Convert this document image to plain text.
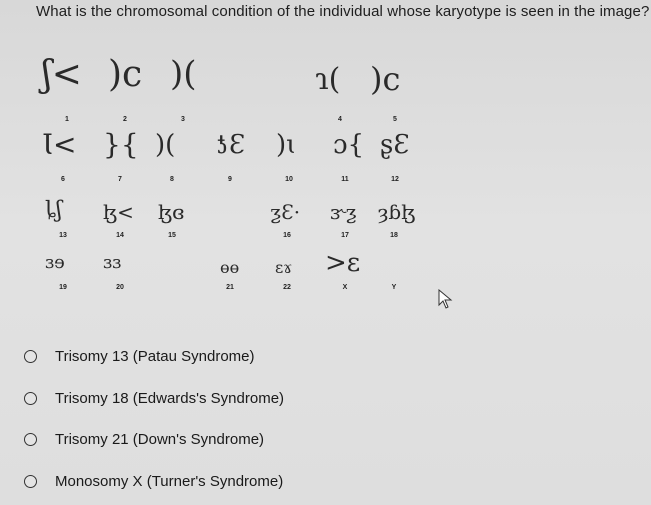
What is the chromosomal condition of the individual whose karyotype is seen in the image?
ʃ< )c )(	ɿ( )c
Ɩ< }{ )( ƾƐ )ɩ ɔ{ ʂƐ
ȴʃ ɮ< ɮɞ	ƺƐ· ɝƺ ȝɓɮ
ɜɘ ɜɜ	ɵɵ ɛɤ >ɛ
1	2	3	4	5
6	7	8	9	10	11	12
13	14	15	16	17	18
19	20	21	22	X	Y
Trisomy 13 (Patau Syndrome)
Trisomy 18 (Edwards's Syndrome)
Trisomy 21 (Down's Syndrome)
Monosomy X (Turner's Syndrome)
